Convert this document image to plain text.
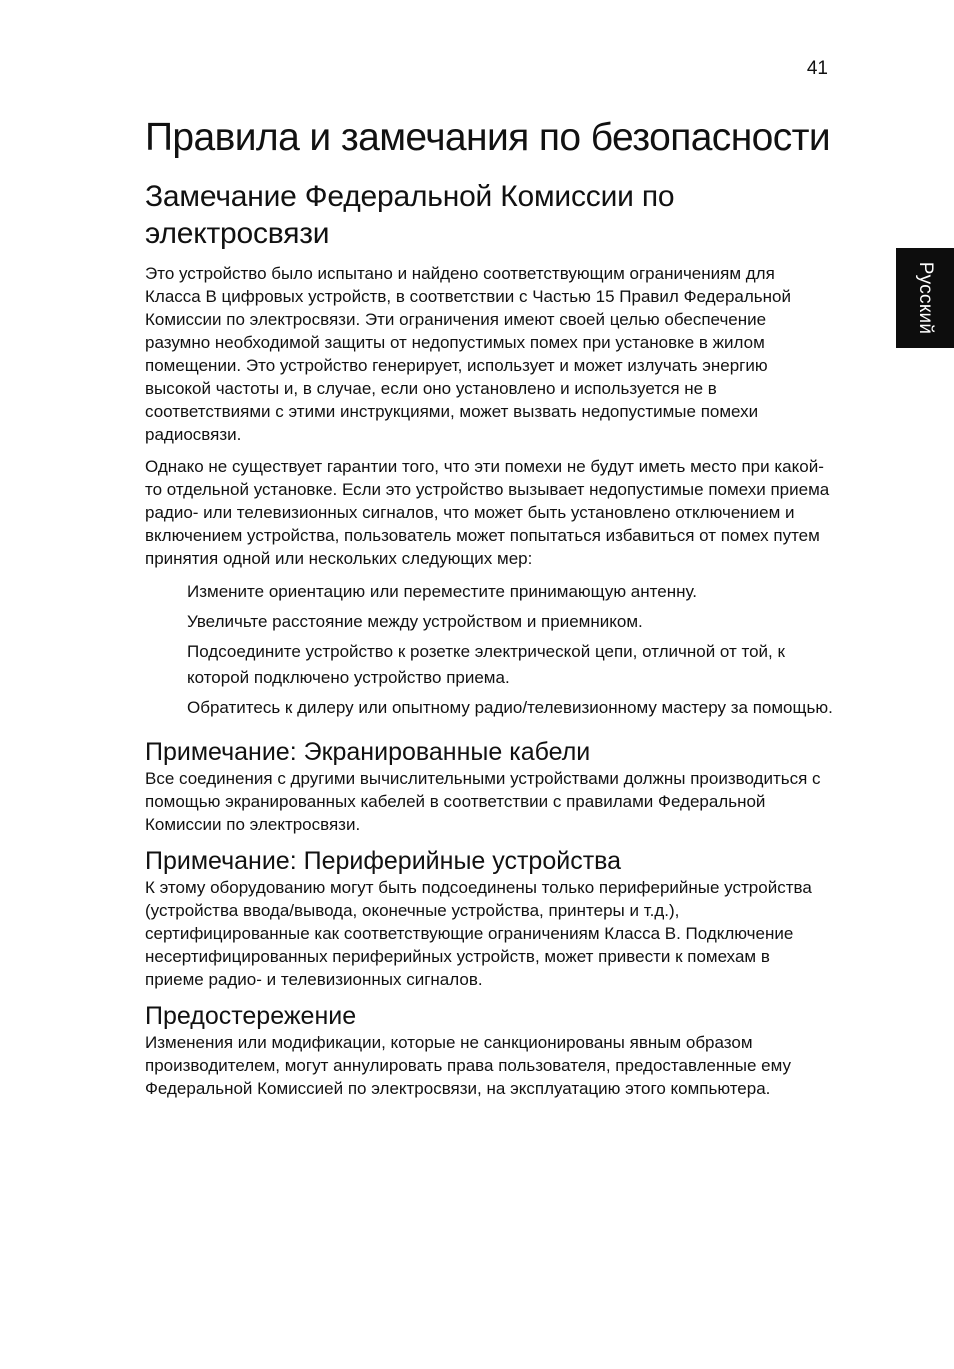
41
Русский
Правила и замечания по безопасности
Замечание Федеральной Комиссии по электросвязи

Это устройство было испытано и найдено соответствующим ограничениям для Класса B цифровых устройств, в соответствии с Частью 15 Правил Федеральной Комиссии по электросвязи. Эти ограничения имеют своей целью обеспечение разумно необходимой защиты от недопустимых помех при установке в жилом помещении. Это устройство генерирует, использует и может излучать энергию высокой частоты и, в случае, если оно установлено и используется не в соответствиями с этими инструкциями, может вызвать недопустимые помехи радиосвязи.

Однако не существует гарантии того, что эти помехи не будут иметь место при какой-то отдельной установке. Если это устройство вызывает недопустимые помехи приема радио- или телевизионных сигналов, что может быть установлено отключением и включением устройства, пользователь может попытаться избавиться от помех путем принятия одной или нескольких следующих мер:

Измените ориентацию или переместите принимающую антенну.
Увеличьте расстояние между устройством и приемником.
Подсоедините устройство к розетке электрической цепи, отличной от той, к которой подключено устройство приема.
Обратитесь к дилеру или опытному радио/телевизионному мастеру за помощью.
Примечание: Экранированные кабели

Все соединения с другими вычислительными устройствами должны производиться с помощью экранированных кабелей в соответствии с правилами Федеральной Комиссии по электросвязи.

Примечание: Периферийные устройства

К этому оборудованию могут быть подсоединены только периферийные устройства (устройства ввода/вывода, оконечные устройства, принтеры и т.д.), сертифицированные как соответствующие ограничениям Класса B. Подключение несертифицированных периферийных устройств, может привести к помехам в приеме радио- и телевизионных сигналов.

Предостережение

Изменения или модификации, которые не санкционированы явным образом производителем, могут аннулировать права пользователя, предоставленные ему Федеральной Комиссией по электросвязи, на эксплуатацию этого компьютера.
